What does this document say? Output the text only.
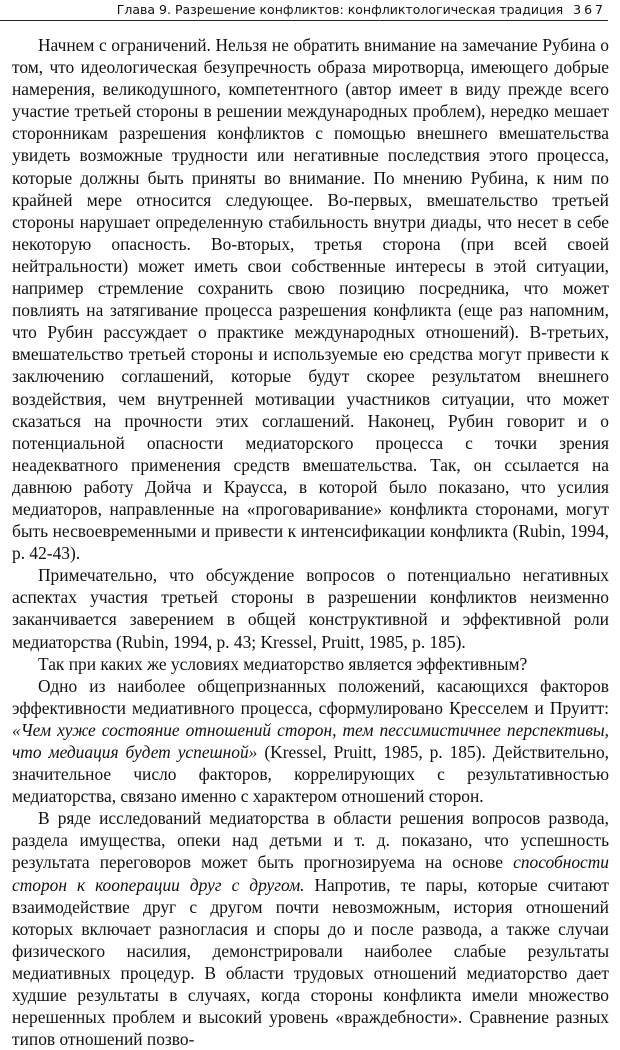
Глава 9. Разрешение конфликтов: конфликтологическая традиция 367

Начнем с ограничений. Нельзя не обратить внимание на замечание Рубина о том, что идеологическая безупречность образа миротворца, имеющего добрые намерения, великодушного, компетентного (автор имеет в виду прежде всего участие третьей стороны в решении международных проблем), нередко мешает сторонникам разрешения конфликтов с помощью внешнего вмешательства увидеть возможные трудности или негативные последствия этого процесса, которые должны быть приняты во внимание. По мнению Рубина, к ним по крайней мере относится следующее. Во-первых, вмешательство третьей стороны нарушает определенную стабильность внутри диады, что несет в себе некоторую опасность. Во-вторых, третья сторона (при всей своей нейтральности) может иметь свои собственные интересы в этой ситуации, например стремление сохранить свою позицию посредника, что может повлиять на затягивание процесса разрешения конфликта (еще раз напомним, что Рубин рассуждает о практике международных отношений). В-третьих, вмешательство третьей стороны и используемые ею средства могут привести к заключению соглашений, которые будут скорее результатом внешнего воздействия, чем внутренней мотивации участников ситуации, что может сказаться на прочности этих соглашений. Наконец, Рубин говорит и о потенциальной опасности медиаторского процесса с точки зрения неадекватного применения средств вмешательства. Так, он ссылается на давнюю работу Дойча и Краусса, в которой было показано, что усилия медиаторов, направленные на «проговаривание» конфликта сторонами, могут быть несвоевременными и привести к интенсификации конфликта (Rubin, 1994, p. 42-43).

Примечательно, что обсуждение вопросов о потенциально негативных аспектах участия третьей стороны в разрешении конфликтов неизменно заканчивается заверением в общей конструктивной и эффективной роли медиаторства (Rubin, 1994, p. 43; Kressel, Pruitt, 1985, p. 185).

Так при каких же условиях медиаторство является эффективным?

Одно из наиболее общепризнанных положений, касающихся факторов эффективности медиативного процесса, сформулировано Кресселем и Пруитт: «Чем хуже состояние отношений сторон, тем пессимистичнее перспективы, что медиация будет успешной» (Kressel, Pruitt, 1985, p. 185). Действительно, значительное число факторов, коррелирующих с результативностью медиаторства, связано именно с характером отношений сторон.

В ряде исследований медиаторства в области решения вопросов развода, раздела имущества, опеки над детьми и т. д. показано, что успешность результата переговоров может быть прогнозируема на основе способности сторон к кооперации друг с другом. Напротив, те пары, которые считают взаимодействие друг с другом почти невозможным, история отношений которых включает разногласия и споры до и после развода, а также случаи физического насилия, демонстрировали наиболее слабые результаты медиативных процедур. В области трудовых отношений медиаторство дает худшие результаты в случаях, когда стороны конфликта имели множество нерешенных проблем и высокий уровень «враждебности». Сравнение разных типов отношений позво-
